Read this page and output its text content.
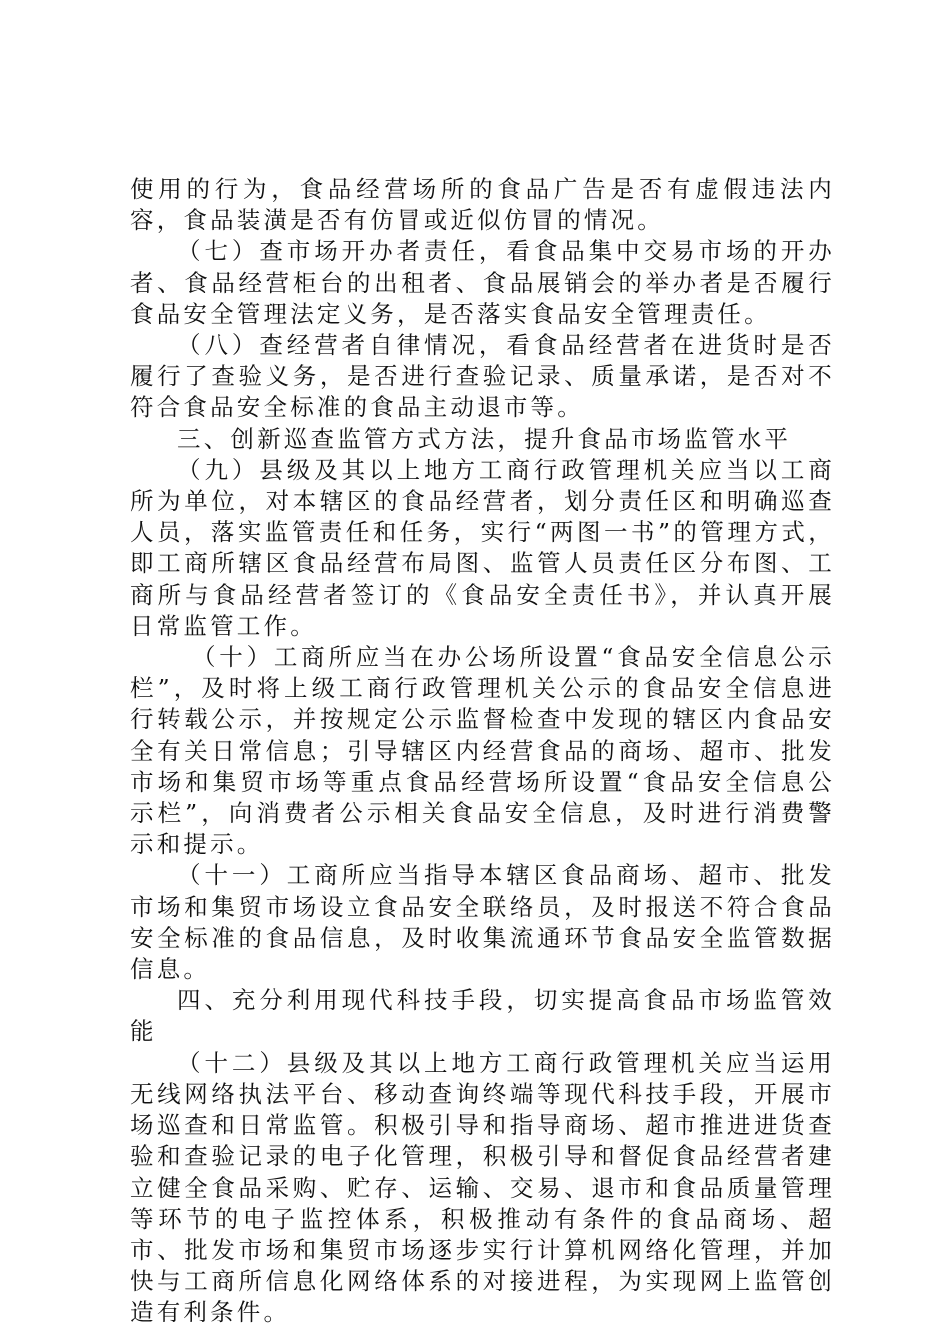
使用的行为，食品经营场所的食品广告是否有虚假违法内容，食品装潢是否有仿冒或近似仿冒的情况。

（七）查市场开办者责任，看食品集中交易市场的开办者、食品经营柜台的出租者、食品展销会的举办者是否履行食品安全管理法定义务，是否落实食品安全管理责任。

（八）查经营者自律情况，看食品经营者在进货时是否履行了查验义务，是否进行查验记录、质量承诺，是否对不符合食品安全标准的食品主动退市等。

三、创新巡查监管方式方法，提升食品市场监管水平

（九）县级及其以上地方工商行政管理机关应当以工商所为单位，对本辖区的食品经营者，划分责任区和明确巡查人员，落实监管责任和任务，实行“两图一书”的管理方式，即工商所辖区食品经营布局图、监管人员责任区分布图、工商所与食品经营者签订的《食品安全责任书》，并认真开展日常监管工作。

（十）工商所应当在办公场所设置“食品安全信息公示栏”，及时将上级工商行政管理机关公示的食品安全信息进行转载公示，并按规定公示监督检查中发现的辖区内食品安全有关日常信息；引导辖区内经营食品的商场、超市、批发市场和集贸市场等重点食品经营场所设置“食品安全信息公示栏”，向消费者公示相关食品安全信息，及时进行消费警示和提示。

（十一）工商所应当指导本辖区食品商场、超市、批发市场和集贸市场设立食品安全联络员，及时报送不符合食品安全标准的食品信息，及时收集流通环节食品安全监管数据信息。

四、充分利用现代科技手段，切实提高食品市场监管效能

（十二）县级及其以上地方工商行政管理机关应当运用无线网络执法平台、移动查询终端等现代科技手段，开展市场巡查和日常监管。积极引导和指导商场、超市推进进货查验和查验记录的电子化管理，积极引导和督促食品经营者建立健全食品采购、贮存、运输、交易、退市和食品质量管理等环节的电子监控体系，积极推动有条件的食品商场、超市、批发市场和集贸市场逐步实行计算机网络化管理，并加快与工商所信息化网络体系的对接进程，为实现网上监管创造有利条件。
